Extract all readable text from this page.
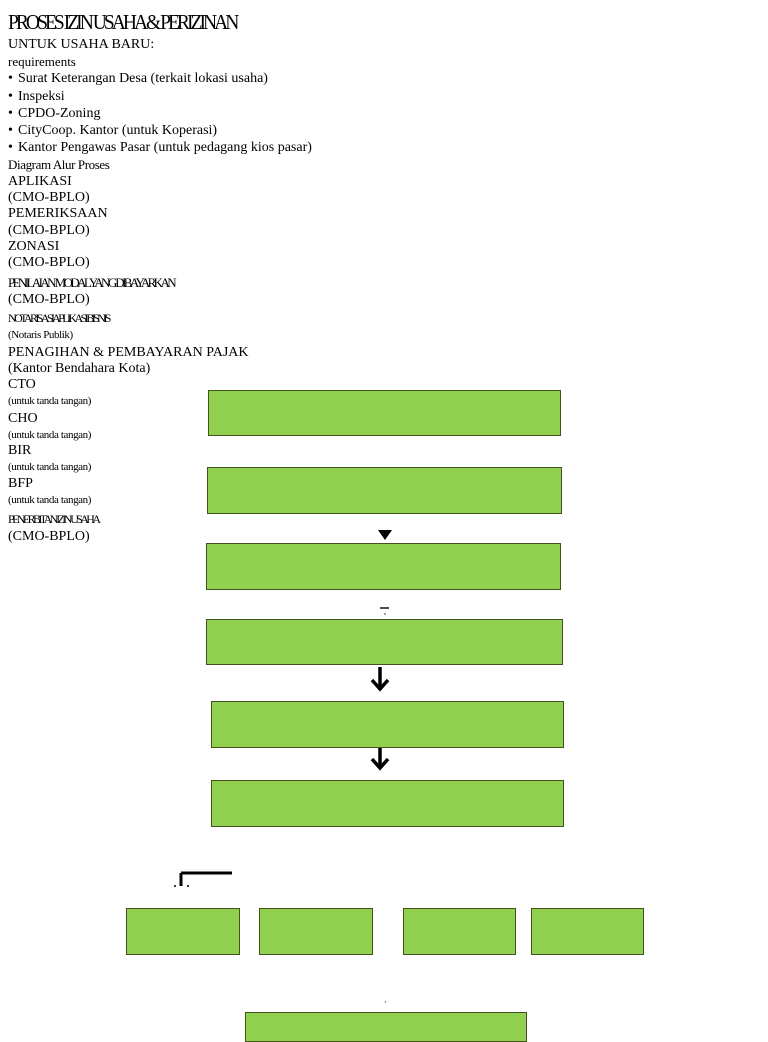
PROSES IZIN USAHA & PERIZINAN
UNTUK USAHA BARU:
requirements
• Surat Keterangan Desa (terkait lokasi usaha)
• Inspeksi
• CPDO-Zoning
• CityCoop. Kantor (untuk Koperasi)
• Kantor Pengawas Pasar (untuk pedagang kios pasar)
Diagram Alur Proses
APLIKASI
(CMO-BPLO)
PEMERIKSAAN
(CMO-BPLO)
ZONASI
(CMO-BPLO)
PENILAIAN MODAL YANG DIBAYARKAN
(CMO-BPLO)
NOTARISASI APLIKASI BISNIS
(Notaris Publik)
PENAGIHAN & PEMBAYARAN PAJAK
(Kantor Bendahara Kota)
CTO
(untuk tanda tangan)
CHO
(untuk tanda tangan)
BIR
(untuk tanda tangan)
BFP
(untuk tanda tangan)
PENERBITAN IZIN USAHA
(CMO-BPLO)
·
